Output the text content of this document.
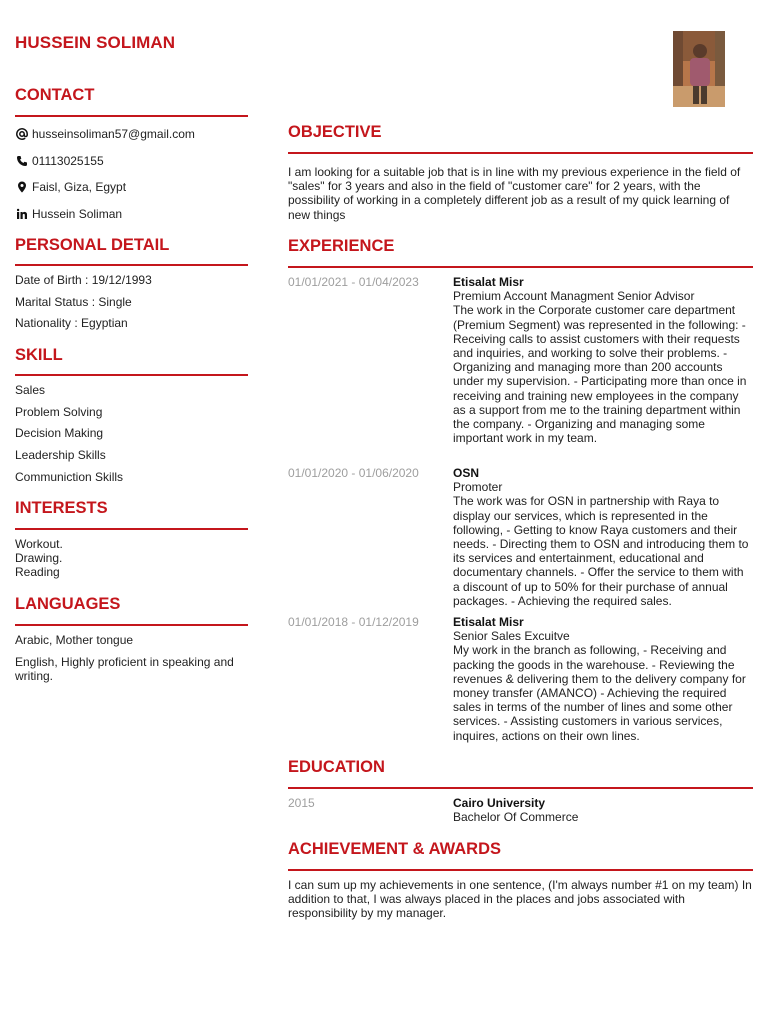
HUSSEIN SOLIMAN
CONTACT
husseinsoliman57@gmail.com
01113025155
Faisl, Giza, Egypt
Hussein Soliman
PERSONAL DETAIL
Date of Birth : 19/12/1993
Marital Status : Single
Nationality : Egyptian
SKILL
Sales
Problem Solving
Decision Making
Leadership Skills
Communiction Skills
INTERESTS
Workout.
Drawing.
Reading
LANGUAGES
Arabic, Mother tongue
English, Highly proficient in speaking and writing.
OBJECTIVE
I am looking for a suitable job that is in line with my previous experience in the field of "sales" for 3 years and also in the field of "customer care" for 2 years, with the possibility of working in a completely different job as a result of my quick learning of new things
EXPERIENCE
01/01/2021 - 01/04/2023	Etisalat Misr
Premium Account Managment Senior Advisor
The work in the Corporate customer care department (Premium Segment) was represented in the following: - Receiving calls to assist customers with their requests and inquiries, and working to solve their problems. - Organizing and managing more than 200 accounts under my supervision. - Participating more than once in receiving and training new employees in the company as a support from me to the training department within the company. - Organizing and managing some important work in my team.
01/01/2020 - 01/06/2020	OSN
Promoter
The work was for OSN in partnership with Raya to display our services, which is represented in the following, - Getting to know Raya customers and their needs. - Directing them to OSN and introducing them to its services and entertainment, educational and documentary channels. - Offer the service to them with a discount of up to 50% for their purchase of annual packages. - Achieving the required sales.
01/01/2018 - 01/12/2019	Etisalat Misr
Senior Sales Excuitve
My work in the branch as following, - Receiving and packing the goods in the warehouse. - Reviewing the revenues & delivering them to the delivery company for money transfer (AMANCO) - Achieving the required sales in terms of the number of lines and some other services. - Assisting customers in various services, inquires, actions on their own lines.
EDUCATION
2015	Cairo University
Bachelor Of Commerce
ACHIEVEMENT & AWARDS
I can sum up my achievements in one sentence, (I'm always number #1 on my team) In addition to that, I was always placed in the places and jobs associated with responsibility by my manager.
